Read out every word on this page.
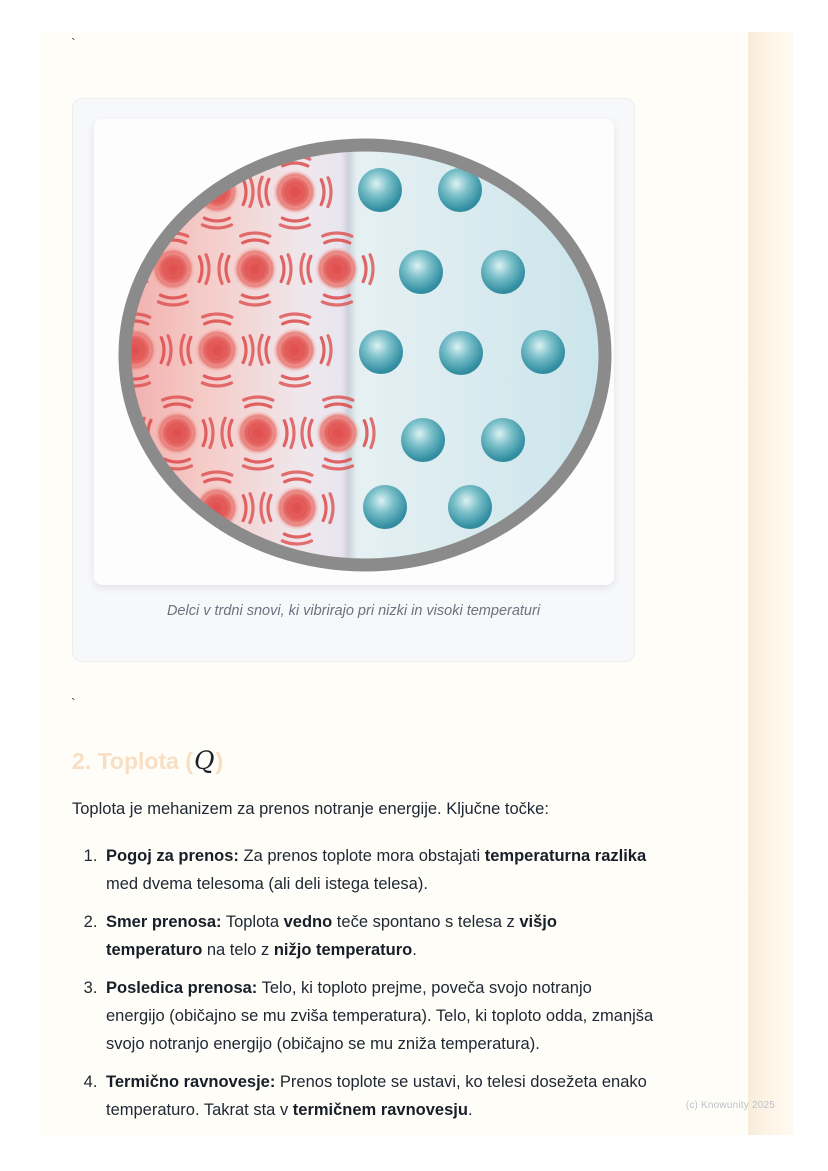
`
Delci v trdni snovi, ki vibrirajo pri nizki in visoki temperaturi
`
2. Toplota (Q)

Toplota je mehanizem za prenos notranje energije. Ključne točke:

1. Pogoj za prenos: Za prenos toplote mora obstajati temperaturna razlika med dvema telesoma (ali deli istega telesa).
2. Smer prenosa: Toplota vedno teče spontano s telesa z višjo temperaturo na telo z nižjo temperaturo.
3. Posledica prenosa: Telo, ki toploto prejme, poveča svojo notranjo energijo (običajno se mu zviša temperatura). Telo, ki toploto odda, zmanjša svojo notranjo energijo (običajno se mu zniža temperatura).
4. Termično ravnovesje: Prenos toplote se ustavi, ko telesi dosežeta enako temperaturo. Takrat sta v termičnem ravnovesju.	(c) Knowunity 2025
